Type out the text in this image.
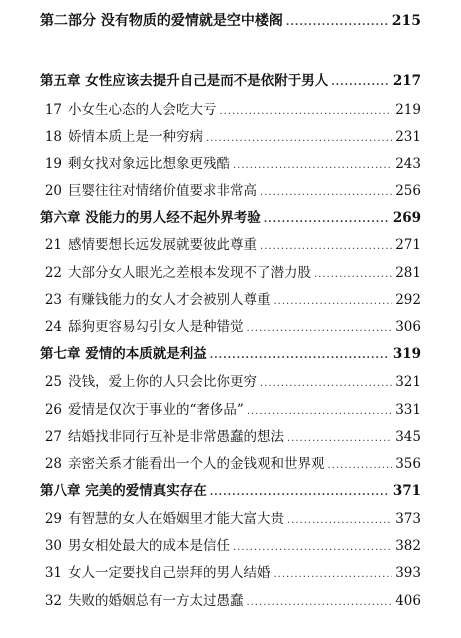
第二部分 没有物质的爱情就是空中楼阁 .....	215
第五章 女性应该去提升自己是而不是依附于男人 .....	217
17 小女生心态的人会吃大亏 .....	219
18 娇情本质上是一种穷病 .....	231
19 剩女找对象远比想象更残酷 .....	243
20 巨婴往往对情绪价值要求非常高 .....	256
第六章 没能力的男人经不起外界考验 .....	269
21 感情要想长远发展就要彼此尊重 .....	271
22 大部分女人眼光之差根本发现不了潜力股 .....	281
23 有赚钱能力的女人才会被别人尊重 .....	292
24 舔狗更容易勾引女人是种错觉 .....	306
第七章 爱情的本质就是利益 .....	319
25 没钱，爱上你的人只会比你更穷 .....	321
26 爱情是仅次于事业的“奢侈品” .....	331
27 结婚找非同行互补是非常愚蠢的想法 .....	345
28 亲密关系才能看出一个人的金钱观和世界观 .....	356
第八章 完美的爱情真实存在 .....	371
29 有智慧的女人在婚姻里才能大富大贵 .....	373
30 男女相处最大的成本是信任 .....	382
31 女人一定要找自己崇拜的男人结婚 .....	393
32 失败的婚姻总有一方太过愚蠢 .....	406
